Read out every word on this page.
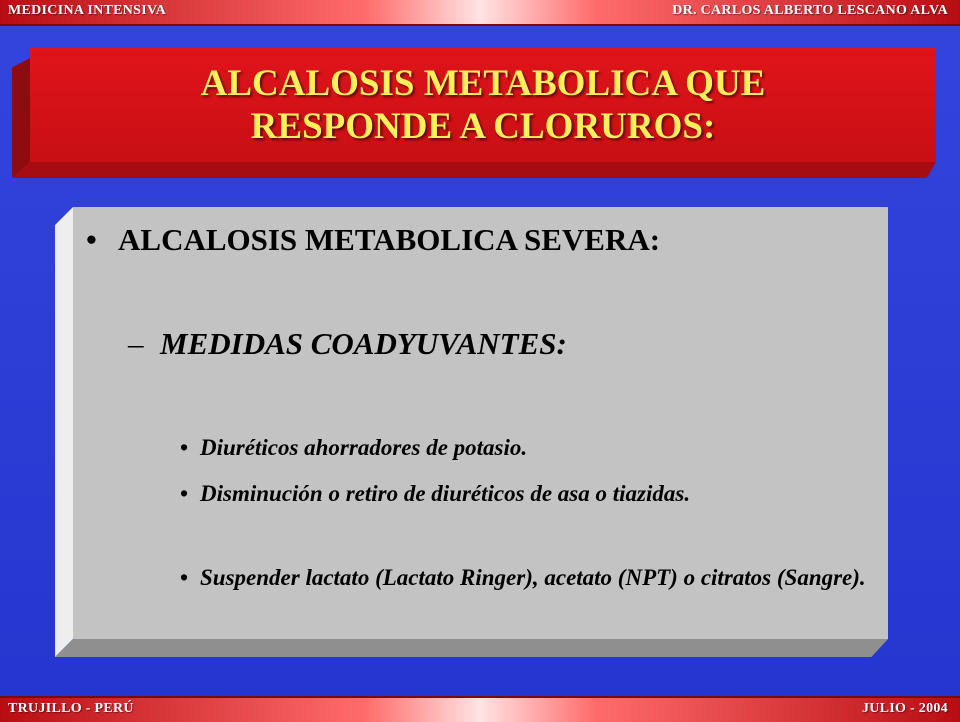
MEDICINA INTENSIVA	DR. CARLOS ALBERTO LESCANO ALVA
ALCALOSIS METABOLICA QUE
RESPONDE A CLORUROS:
• ALCALOSIS METABOLICA SEVERA:
– MEDIDAS COADYUVANTES:
• Diuréticos ahorradores de potasio.
• Disminución o retiro de diuréticos de asa o tiazidas.
• Suspender lactato (Lactato Ringer), acetato (NPT) o citratos (Sangre).
TRUJILLO - PERÚ	JULIO - 2004
